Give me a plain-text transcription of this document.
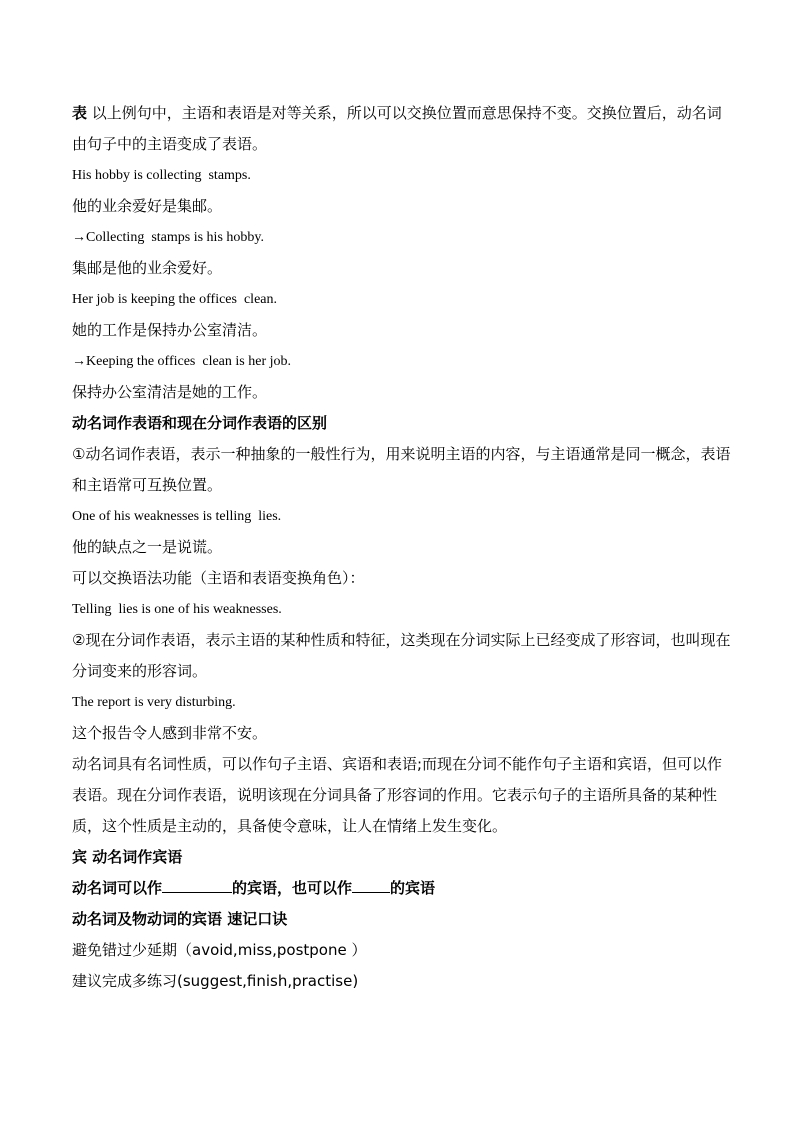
表 以上例句中，主语和表语是对等关系，所以可以交换位置而意思保持不变。交换位置后，动名词由句子中的主语变成了表语。

His hobby is collecting  stamps.

他的业余爱好是集邮。

→Collecting  stamps is his hobby.

集邮是他的业余爱好。

Her job is keeping the offices  clean.

她的工作是保持办公室清洁。

→Keeping the offices  clean is her job.

保持办公室清洁是她的工作。

动名词作表语和现在分词作表语的区别

①动名词作表语，表示一种抽象的一般性行为，用来说明主语的内容，与主语通常是同一概念，表语和主语常可互换位置。

One of his weaknesses is telling  lies.

他的缺点之一是说谎。

可以交换语法功能（主语和表语变换角色）：

Telling  lies is one of his weaknesses.

②现在分词作表语，表示主语的某种性质和特征，这类现在分词实际上已经变成了形容词，也叫现在分词变来的形容词。

The report is very disturbing.

这个报告令人感到非常不安。

动名词具有名词性质，可以作句子主语、宾语和表语;而现在分词不能作句子主语和宾语，但可以作表语。现在分词作表语，说明该现在分词具备了形容词的作用。它表示句子的主语所具备的某种性质，这个性质是主动的，具备使令意味，让人在情绪上发生变化。

宾 动名词作宾语

动名词可以作	的宾语，也可以作	的宾语

动名词及物动词的宾语 速记口诀

避免错过少延期（avoid,miss,postpone ）

建议完成多练习(suggest,finish,practise)
